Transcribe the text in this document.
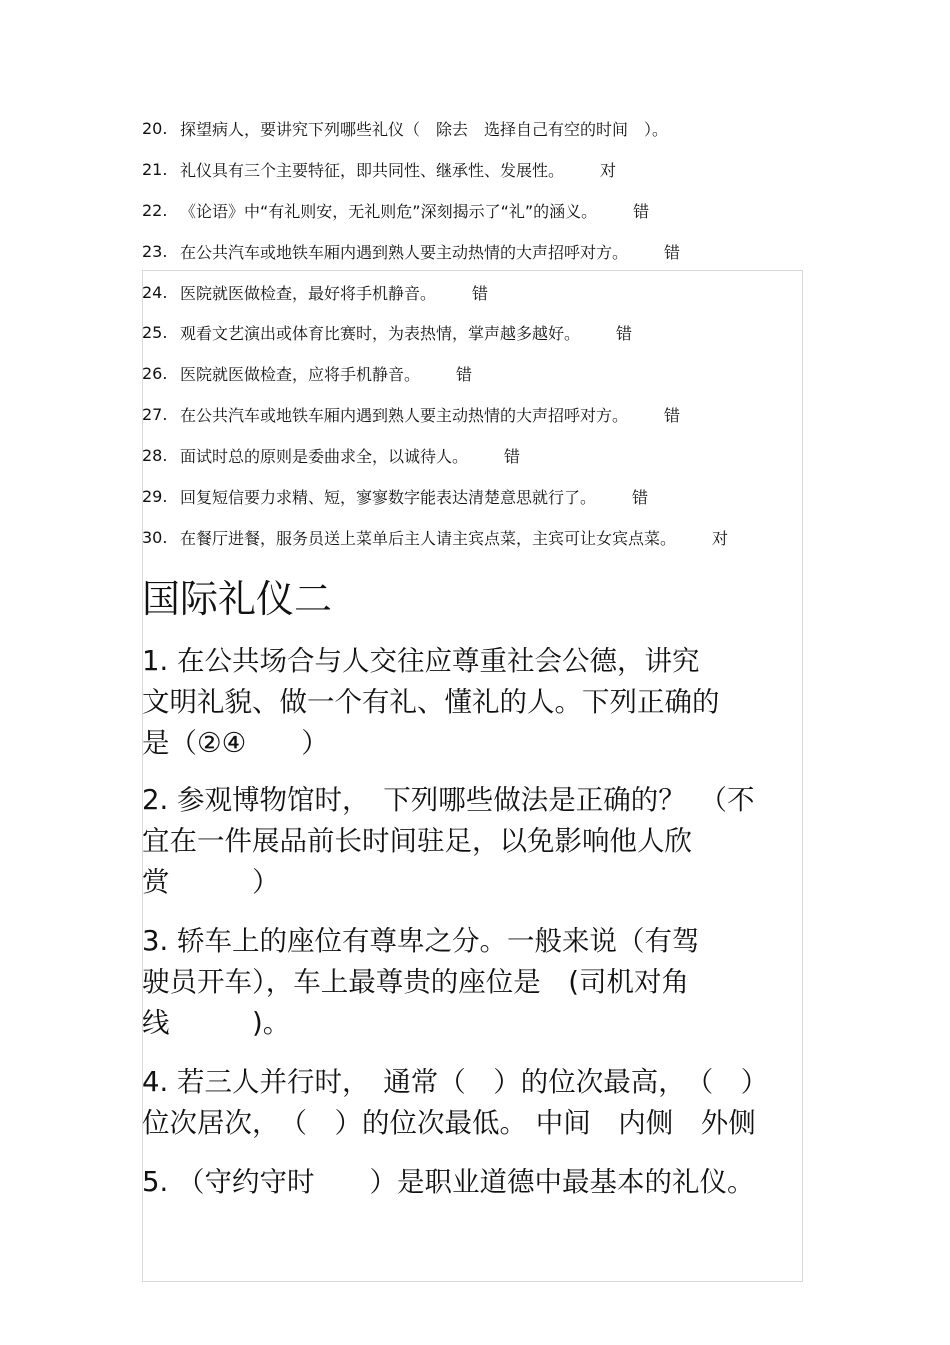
20. 探望病人，要讲究下列哪些礼仪（　除去　选择自己有空的时间　）。
21. 礼仪具有三个主要特征，即共同性、继承性、发展性。 对
22. 《论语》中“有礼则安，无礼则危”深刻揭示了“礼”的涵义。 错
23. 在公共汽车或地铁车厢内遇到熟人要主动热情的大声招呼对方。 错
24. 医院就医做检查，最好将手机静音。 错
25. 观看文艺演出或体育比赛时，为表热情，掌声越多越好。 错
26. 医院就医做检查，应将手机静音。 错
27. 在公共汽车或地铁车厢内遇到熟人要主动热情的大声招呼对方。 错
28. 面试时总的原则是委曲求全，以诚待人。 错
29. 回复短信要力求精、短，寥寥数字能表达清楚意思就行了。 错
30. 在餐厅进餐，服务员送上菜单后主人请主宾点菜，主宾可让女宾点菜。 对
国际礼仪二
1. 在公共场合与人交往应尊重社会公德，讲究
文明礼貌、做一个有礼、懂礼的人。下列正确的
是（②④　　）
2. 参观博物馆时，　下列哪些做法是正确的？　（不
宜在一件展品前长时间驻足，以免影响他人欣
赏　　　）
3. 轿车上的座位有尊卑之分。一般来说（有驾
驶员开车），车上最尊贵的座位是　(司机对角
线　　　)。
4. 若三人并行时，　通常（　）的位次最高，　（　）
位次居次，　（　）的位次最低。 中间　内侧　外侧
5. （守约守时　　）是职业道德中最基本的礼仪。
